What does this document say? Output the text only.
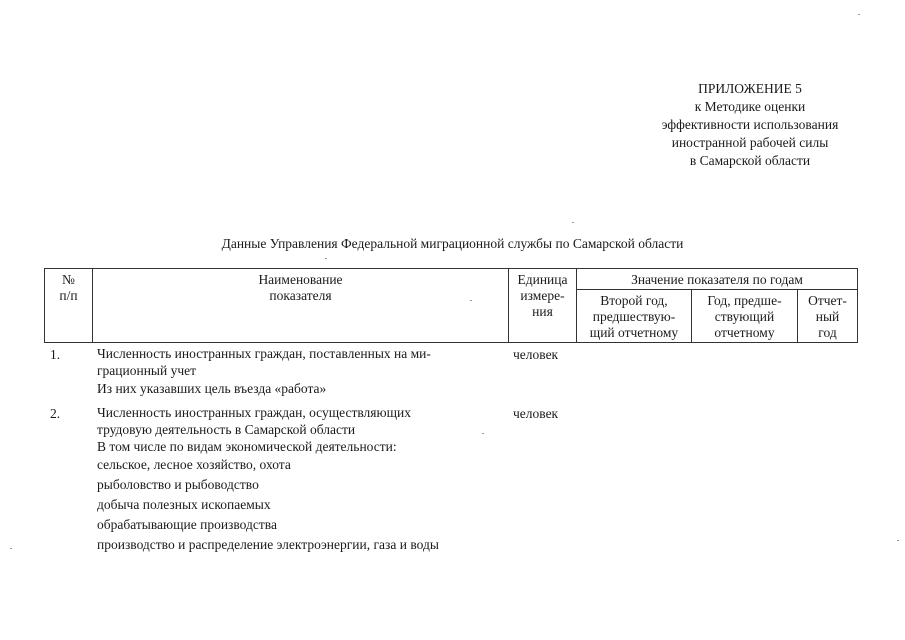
ПРИЛОЖЕНИЕ 5
к Методике оценки
эффективности использования
иностранной рабочей силы
в Самарской области
Данные Управления Федеральной миграционной службы по Самарской области
№
п/п
Наименование
показателя
Единица
измере-
ния
Значение показателя по годам
Второй год,
предшествую-
щий отчетному
Год, предше-
ствующий
отчетному
Отчет-
ный
год
1.	Численность иностранных граждан, поставленных на ми-
грационный учет
Из них указавших цель въезда «работа»
человек
2.	Численность иностранных граждан, осуществляющих
трудовую деятельность в Самарской области
В том числе по видам экономической деятельности:
сельское, лесное хозяйство, охота
рыболовство и рыбоводство
добыча полезных ископаемых
обрабатывающие производства
производство и распределение электроэнергии, газа и воды
человек
